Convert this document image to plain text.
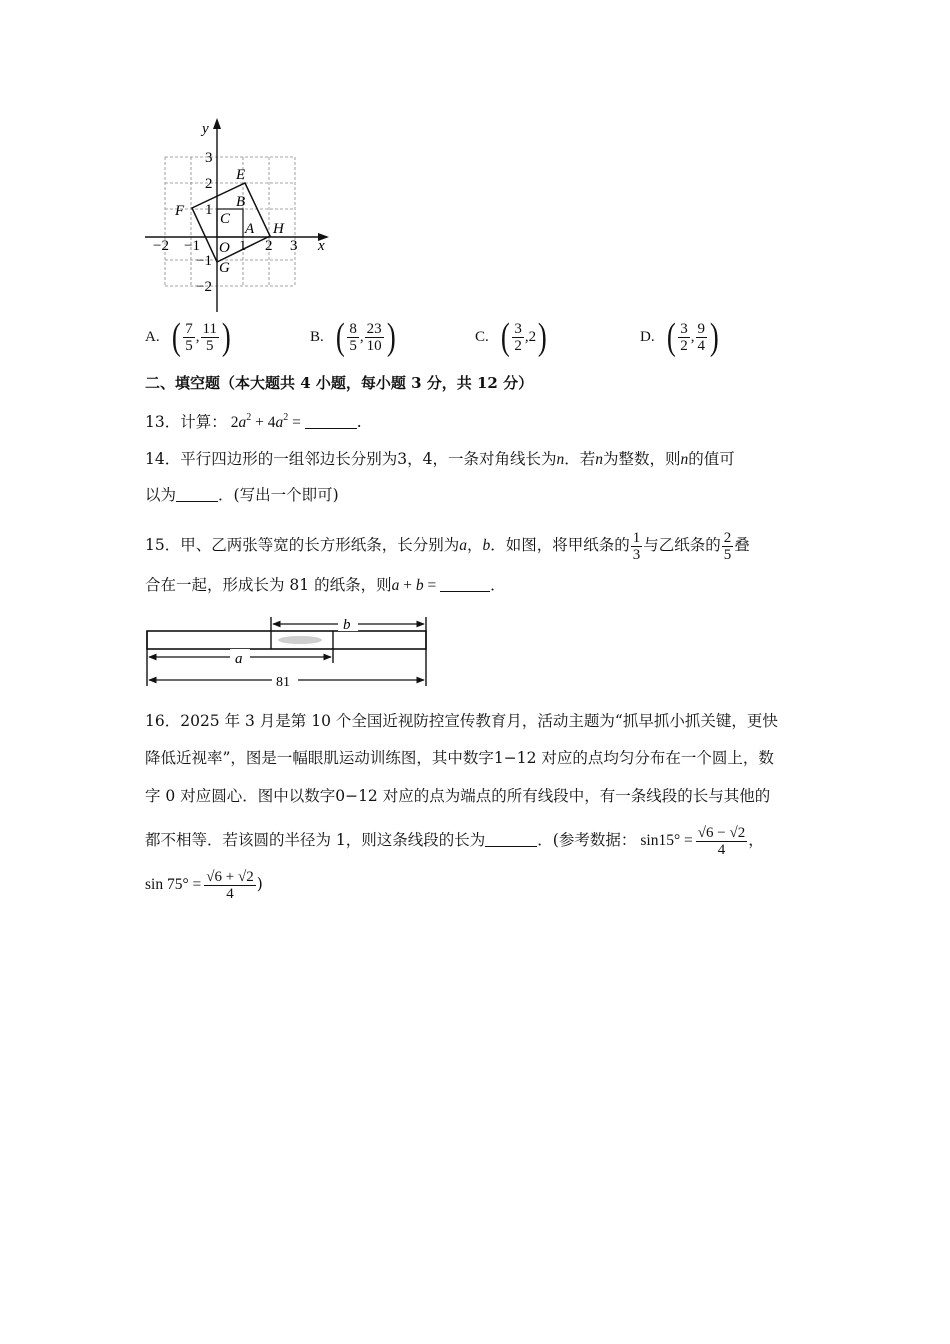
y
x
−2 −1	1 2 3
3
2
1
−1
−2
O
E
B
C
A H
F
G
A. ( $\frac{7}{5}$ , $\frac{11}{5}$ )	B. ( $\frac{8}{5}$ , $\frac{23}{10}$ )	C. ( $\frac{3}{2}$ , 2 )	D. ( $\frac{3}{2}$ , $\frac{9}{4}$ )
二、填空题（本大题共 4 小题，每小题 3 分，共 12 分）
13．计算： $2a^2 + 4a^2$ =	.
14．平行四边形的一组邻边长分别为3，4，一条对角线长为n．若n为整数，则n的值可
以为	．(写出一个即可)
15．甲、乙两张等宽的长方形纸条，长分别为a，b．如图，将甲纸条的 $\frac{1}{3}$ 与乙纸条的 $\frac{2}{5}$ 叠
合在一起，形成长为 81 的纸条，则a + b =	．
b
a
81
16．2025 年 3 月是第 10 个全国近视防控宣传教育月，活动主题为“抓早抓小抓关键，更快
降低近视率”，图是一幅眼肌运动训练图，其中数字1−12 对应的点均匀分布在一个圆上，数
字 0 对应圆心．图中以数字0−12 对应的点为端点的所有线段中，有一条线段的长与其他的
都不相等．若该圆的半径为 1，则这条线段的长为	．(参考数据： $\sin 15^\circ = \frac{√6 - √2}{4}$ ，
$\sin 75^\circ = \frac{√6 + √2}{4}$ )
